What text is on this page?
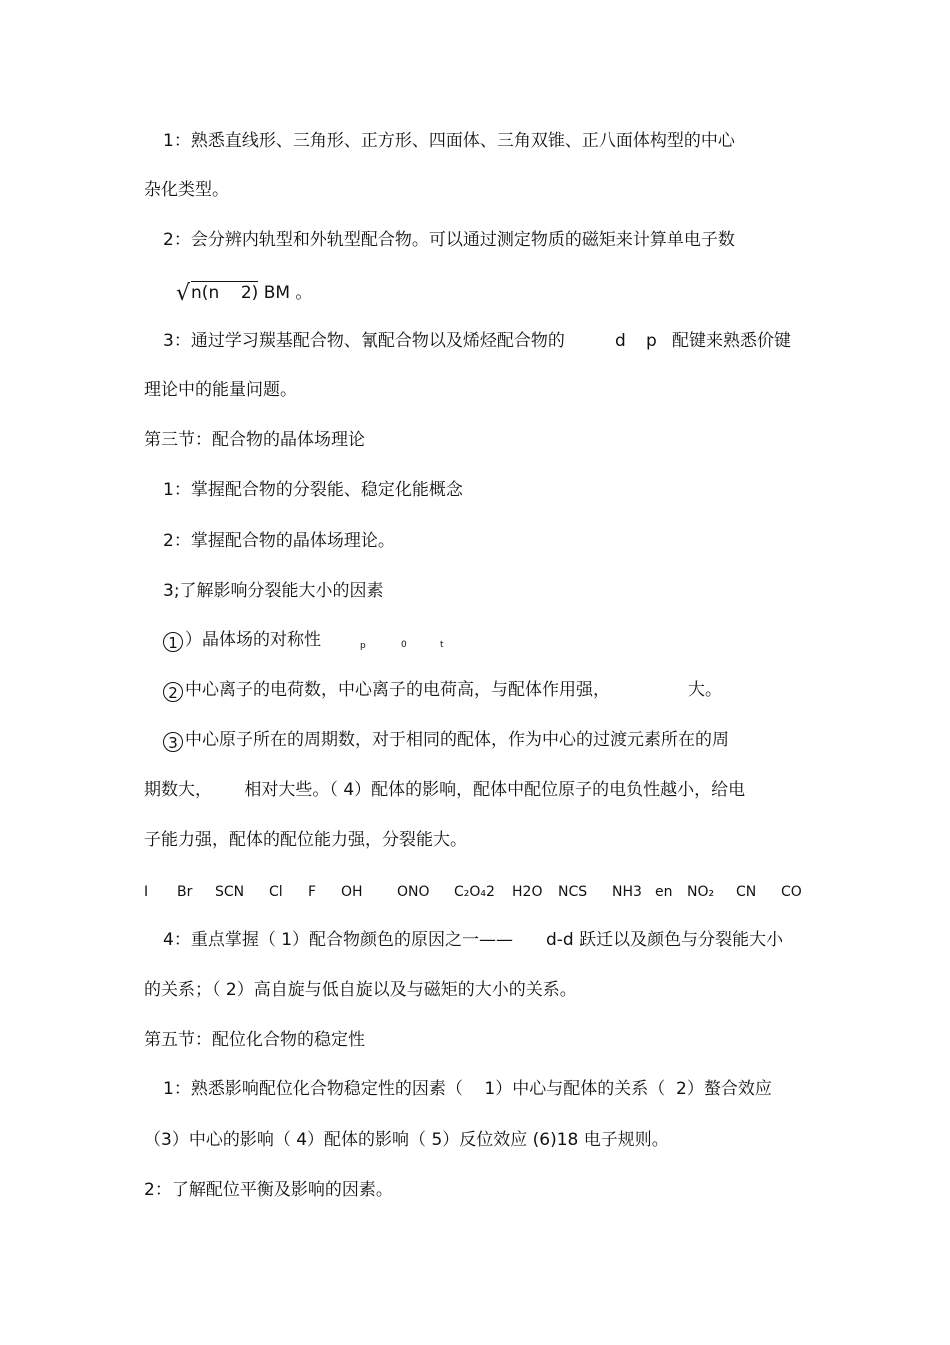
1：熟悉直线形、三角形、正方形、四面体、三角双锥、正八面体构型的中心
杂化类型。
2：会分辨内轨型和外轨型配合物。可以通过测定物质的磁矩来计算单电子数
√n(n    2) BM 。
3：通过学习羰基配合物、氰配合物以及烯烃配合物的	d p 配键来熟悉价键
理论中的能量问题。
第三节：配合物的晶体场理论
1：掌握配合物的分裂能、稳定化能概念
2：掌握配合物的晶体场理论。
3;了解影响分裂能大小的因素
1 ）晶体场的对称性	p	0	t
2 中心离子的电荷数，中心离子的电荷高，与配体作用强，	大。
3 中心原子所在的周期数，对于相同的配体，作为中心的过渡元素所在的周
期数大，      相对大些。（ 4）配体的影响，配体中配位原子的电负性越小，给电
子能力强，配体的配位能力强，分裂能大。
I Br SCN Cl F OH ONO C₂O₄2 H2O NCS NH3 en NO₂ CN CO
4：重点掌握（ 1）配合物颜色的原因之一—— d-d 跃迁以及颜色与分裂能大小
的关系；（ 2）高自旋与低自旋以及与磁矩的大小的关系。
第五节：配位化合物的稳定性
1：熟悉影响配位化合物稳定性的因素（    1）中心与配体的关系（  2）螯合效应
（3）中心的影响（ 4）配体的影响（ 5）反位效应 (6)18 电子规则。
2：了解配位平衡及影响的因素。
